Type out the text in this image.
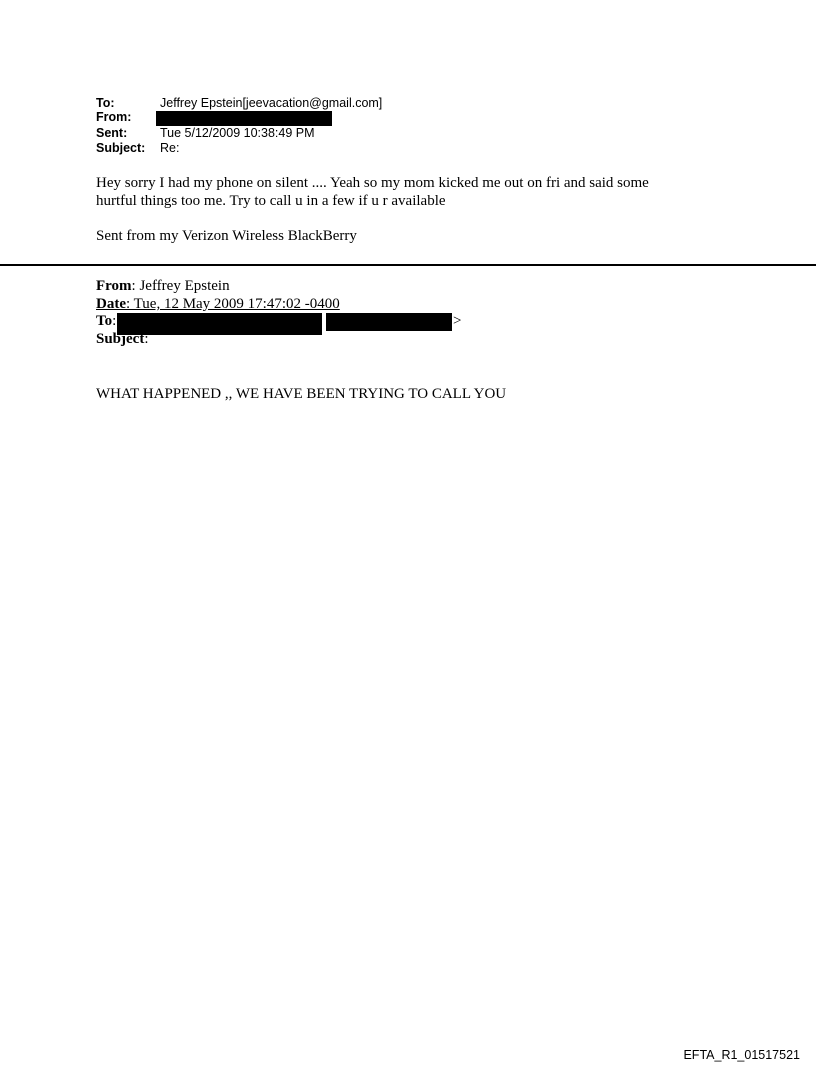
To:	Jeffrey Epstein[jeevacation@gmail.com]
From:
Sent:	Tue 5/12/2009 10:38:49 PM
Subject: Re:
Hey sorry I had my phone on silent .... Yeah so my mom kicked me out on fri and said some
hurtful things too me. Try to call u in a few if u r available
Sent from my Verizon Wireless BlackBerry
From: Jeffrey Epstein
Date: Tue, 12 May 2009 17:47:02 -0400
To:	>
Subject:
WHAT HAPPENED ,, WE HAVE BEEN TRYING TO CALL YOU
EFTA_R1_01517521
